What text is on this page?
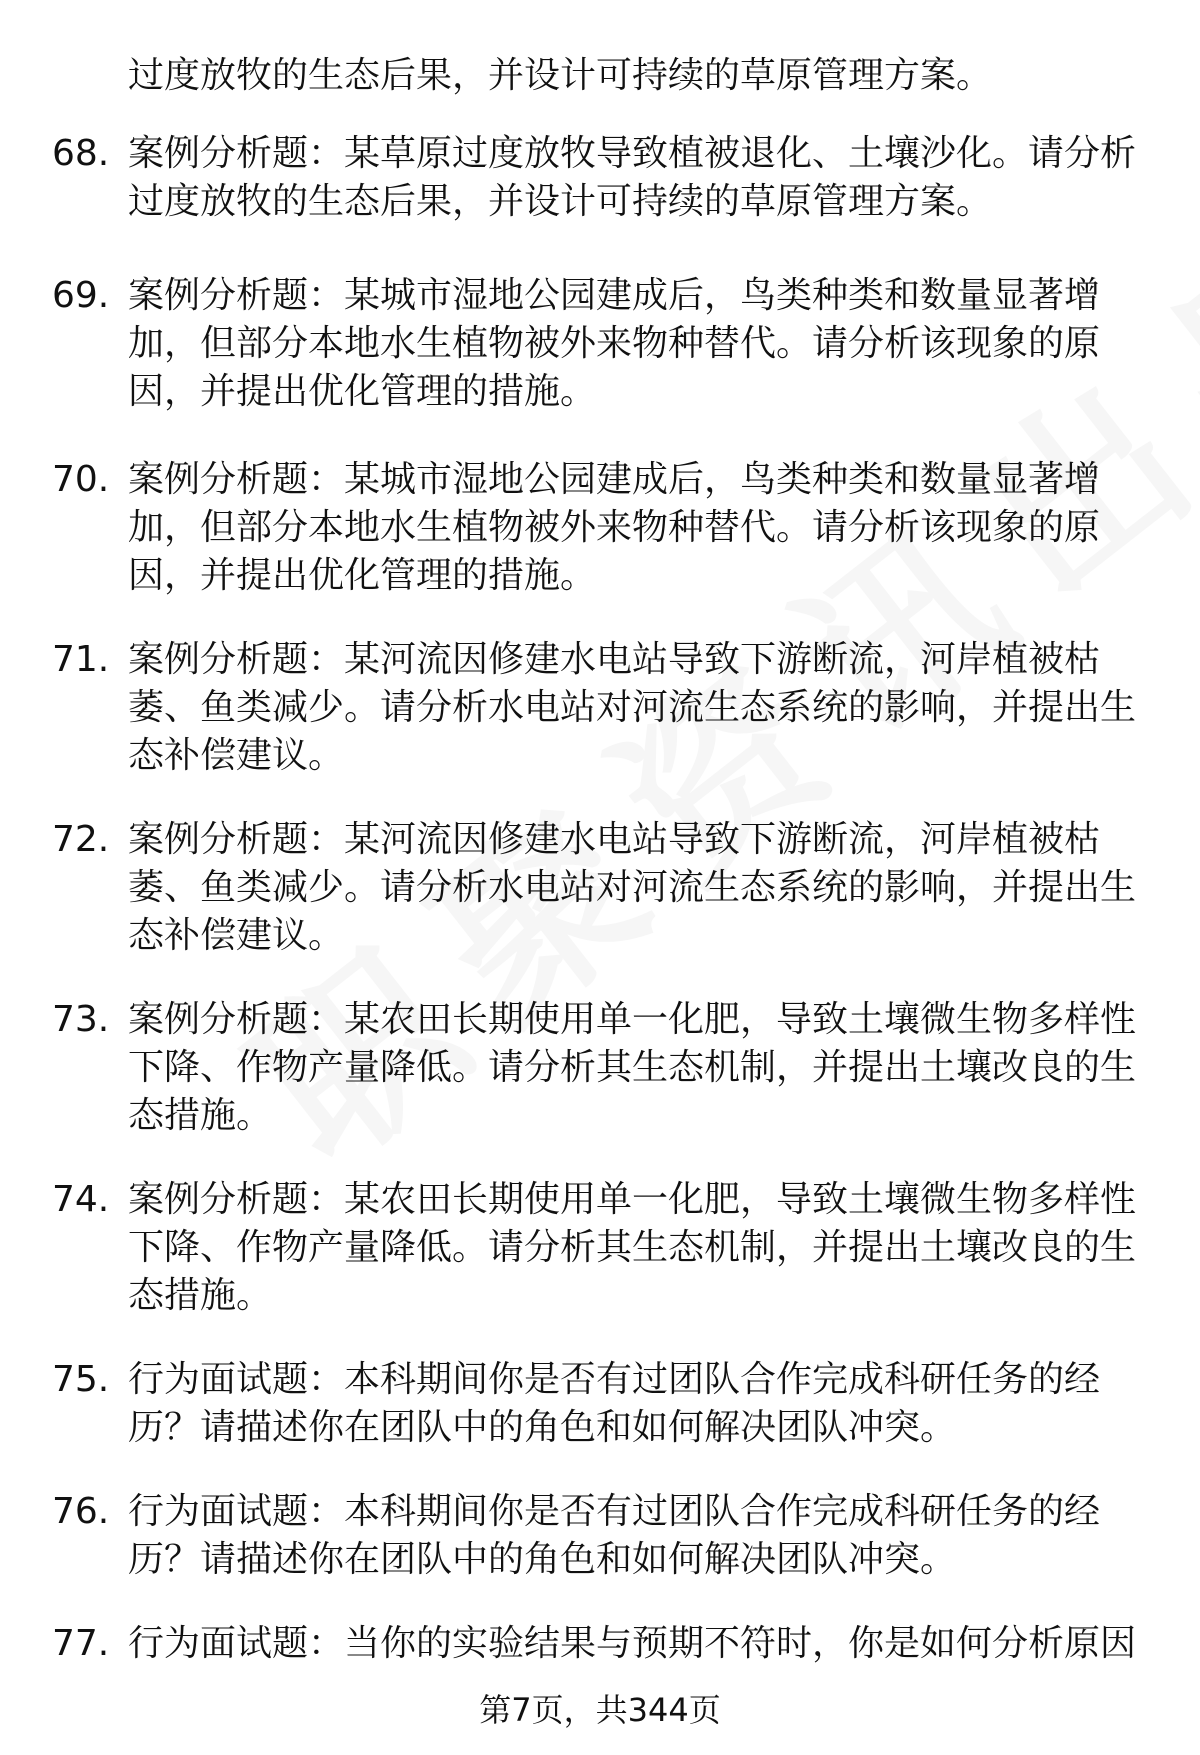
过度放牧的生态后果，并设计可持续的草原管理方案。
68. 案例分析题：某草原过度放牧导致植被退化、土壤沙化。请分析过度放牧的生态后果，并设计可持续的草原管理方案。
69. 案例分析题：某城市湿地公园建成后，鸟类种类和数量显著增加，但部分本地水生植物被外来物种替代。请分析该现象的原因，并提出优化管理的措施。
70. 案例分析题：某城市湿地公园建成后，鸟类种类和数量显著增加，但部分本地水生植物被外来物种替代。请分析该现象的原因，并提出优化管理的措施。
71. 案例分析题：某河流因修建水电站导致下游断流，河岸植被枯萎、鱼类减少。请分析水电站对河流生态系统的影响，并提出生态补偿建议。
72. 案例分析题：某河流因修建水电站导致下游断流，河岸植被枯萎、鱼类减少。请分析水电站对河流生态系统的影响，并提出生态补偿建议。
73. 案例分析题：某农田长期使用单一化肥，导致土壤微生物多样性下降、作物产量降低。请分析其生态机制，并提出土壤改良的生态措施。
74. 案例分析题：某农田长期使用单一化肥，导致土壤微生物多样性下降、作物产量降低。请分析其生态机制，并提出土壤改良的生态措施。
75. 行为面试题：本科期间你是否有过团队合作完成科研任务的经历？请描述你在团队中的角色和如何解决团队冲突。
76. 行为面试题：本科期间你是否有过团队合作完成科研任务的经历？请描述你在团队中的角色和如何解决团队冲突。
77. 行为面试题：当你的实验结果与预期不符时，你是如何分析原因
第7页，共344页
